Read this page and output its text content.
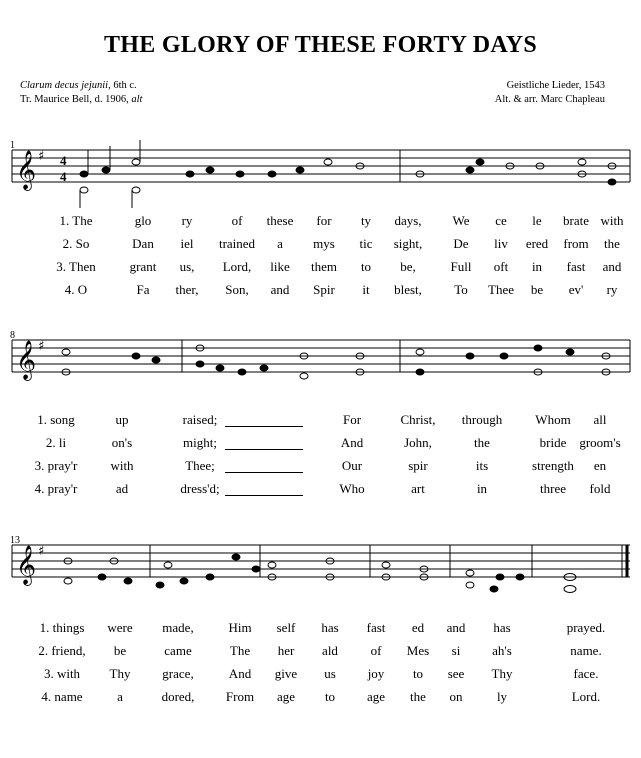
THE GLORY OF THESE FORTY DAYS
Clarum decus jejunii, 6th c.
Tr. Maurice Bell, d. 1906, alt
Geistliche Lieder, 1543
Alt. & arr. Marc Chapleau
𝄞 ♯ 4
4
1
1. The	glo ry	of these for ty days, We ce le brate with
2. So	Dan iel trained a mys tic sight, De liv ered from the
3. Then	grant us, Lord, like them to be,	Full oft in fast and
4. O	Fa ther, Son, and Spir it blest, To Thee be ev' ry
𝄞 ♯
8
1. song	up	raised;	For	Christ, through	Whom all
2. li	on's	might;	And	John,	the	bride groom's
3. pray'r	with	Thee;	Our	spir	its	strength en
4. pray'r	ad	dress'd;	Who	art	in	three fold
𝄞 ♯
13
1. things were made,	Him self has fast ed and has	prayed.
2. friend, be	came	The her ald	of Mes si ah's	name.
3. with Thy grace,	And give us joy to see Thy	face.
4. name	a	dored, From age to age the on	ly	Lord.
